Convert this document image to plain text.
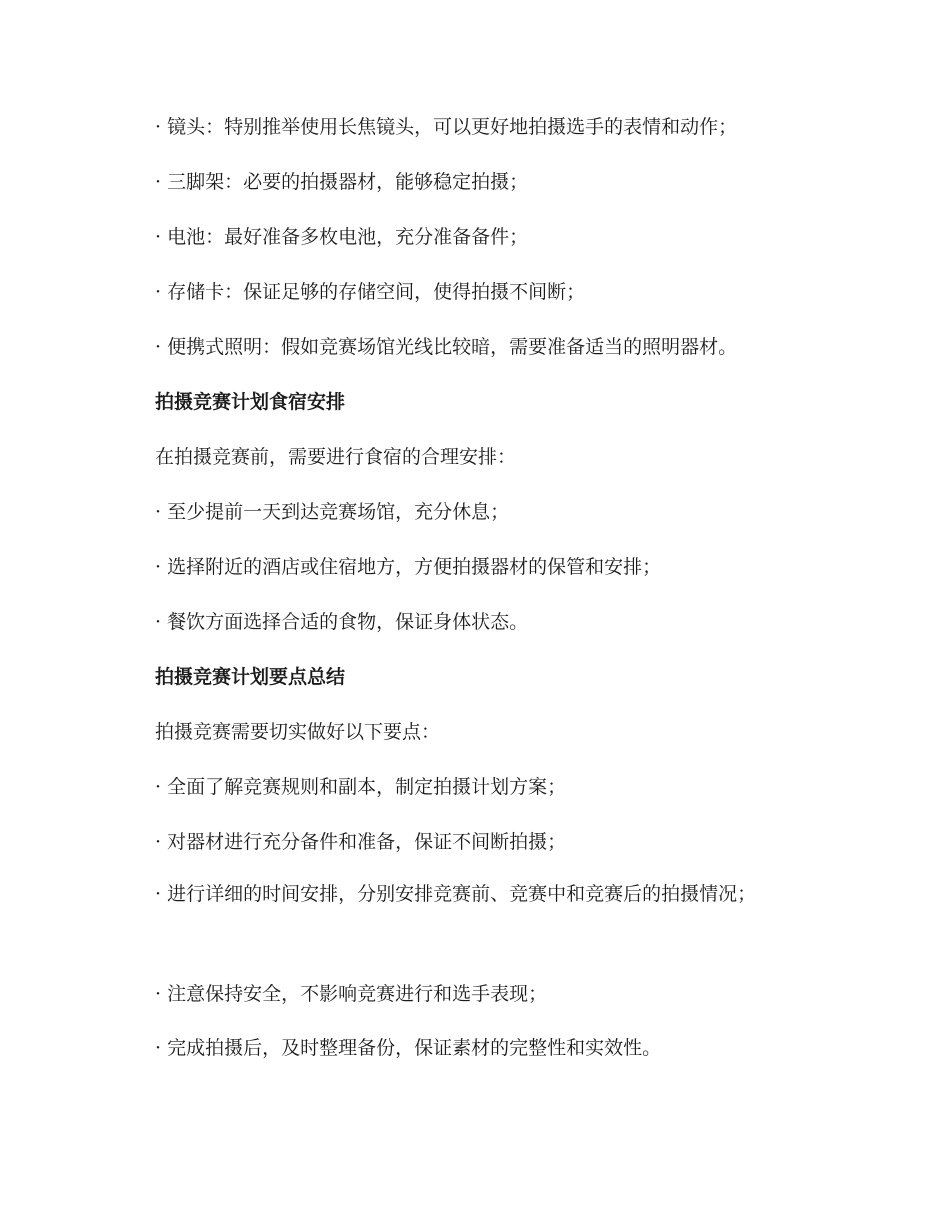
· 镜头：特别推举使用长焦镜头，可以更好地拍摄选手的表情和动作；
· 三脚架：必要的拍摄器材，能够稳定拍摄；
· 电池：最好准备多枚电池，充分准备备件；
· 存储卡：保证足够的存储空间，使得拍摄不间断；
· 便携式照明：假如竞赛场馆光线比较暗，需要准备适当的照明器材。
拍摄竞赛计划食宿安排
在拍摄竞赛前，需要进行食宿的合理安排：
· 至少提前一天到达竞赛场馆，充分休息；
· 选择附近的酒店或住宿地方，方便拍摄器材的保管和安排；
· 餐饮方面选择合适的食物，保证身体状态。
拍摄竞赛计划要点总结
拍摄竞赛需要切实做好以下要点：
· 全面了解竞赛规则和副本，制定拍摄计划方案；
· 对器材进行充分备件和准备，保证不间断拍摄；
· 进行详细的时间安排，分别安排竞赛前、竞赛中和竞赛后的拍摄情况；
· 注意保持安全，不影响竞赛进行和选手表现；
· 完成拍摄后，及时整理备份，保证素材的完整性和实效性。
